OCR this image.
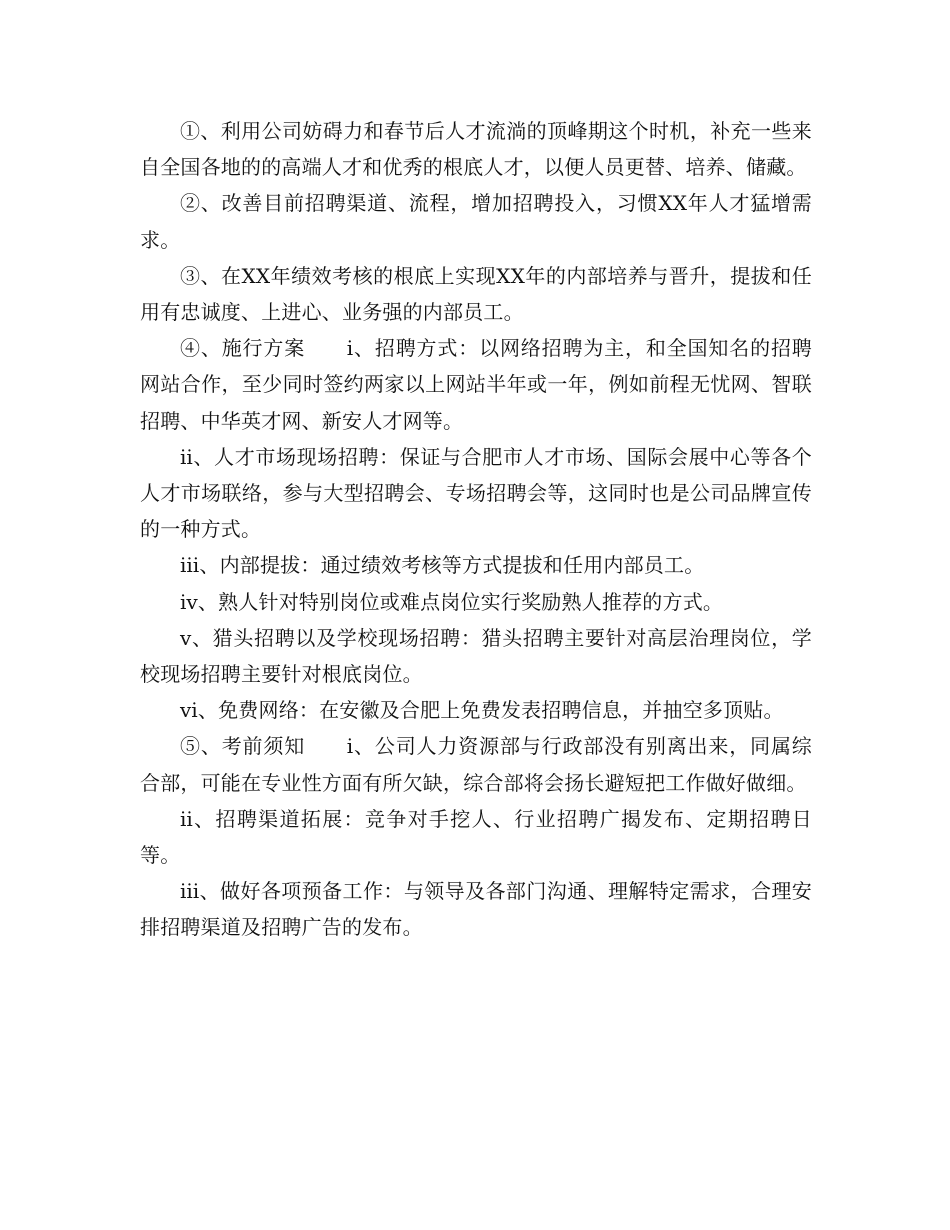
①、利用公司妨碍力和春节后人才流淌的顶峰期这个时机，补充一些来自全国各地的的高端人才和优秀的根底人才，以便人员更替、培养、储藏。

②、改善目前招聘渠道、流程，增加招聘投入，习惯XX年人才猛增需求。

③、在XX年绩效考核的根底上实现XX年的内部培养与晋升，提拔和任用有忠诚度、上进心、业务强的内部员工。

④、施行方案　　ⅰ、招聘方式：以网络招聘为主，和全国知名的招聘网站合作，至少同时签约两家以上网站半年或一年，例如前程无忧网、智联招聘、中华英才网、新安人才网等。

ⅱ、人才市场现场招聘：保证与合肥市人才市场、国际会展中心等各个人才市场联络，参与大型招聘会、专场招聘会等，这同时也是公司品牌宣传的一种方式。

ⅲ、内部提拔：通过绩效考核等方式提拔和任用内部员工。

ⅳ、熟人针对特别岗位或难点岗位实行奖励熟人推荐的方式。

ⅴ、猎头招聘以及学校现场招聘：猎头招聘主要针对高层治理岗位，学校现场招聘主要针对根底岗位。

ⅵ、免费网络：在安徽及合肥上免费发表招聘信息，并抽空多顶贴。

⑤、考前须知　　ⅰ、公司人力资源部与行政部没有别离出来，同属综合部，可能在专业性方面有所欠缺，综合部将会扬长避短把工作做好做细。

ⅱ、招聘渠道拓展：竞争对手挖人、行业招聘广揭发布、定期招聘日等。

ⅲ、做好各项预备工作：与领导及各部门沟通、理解特定需求，合理安排招聘渠道及招聘广告的发布。
